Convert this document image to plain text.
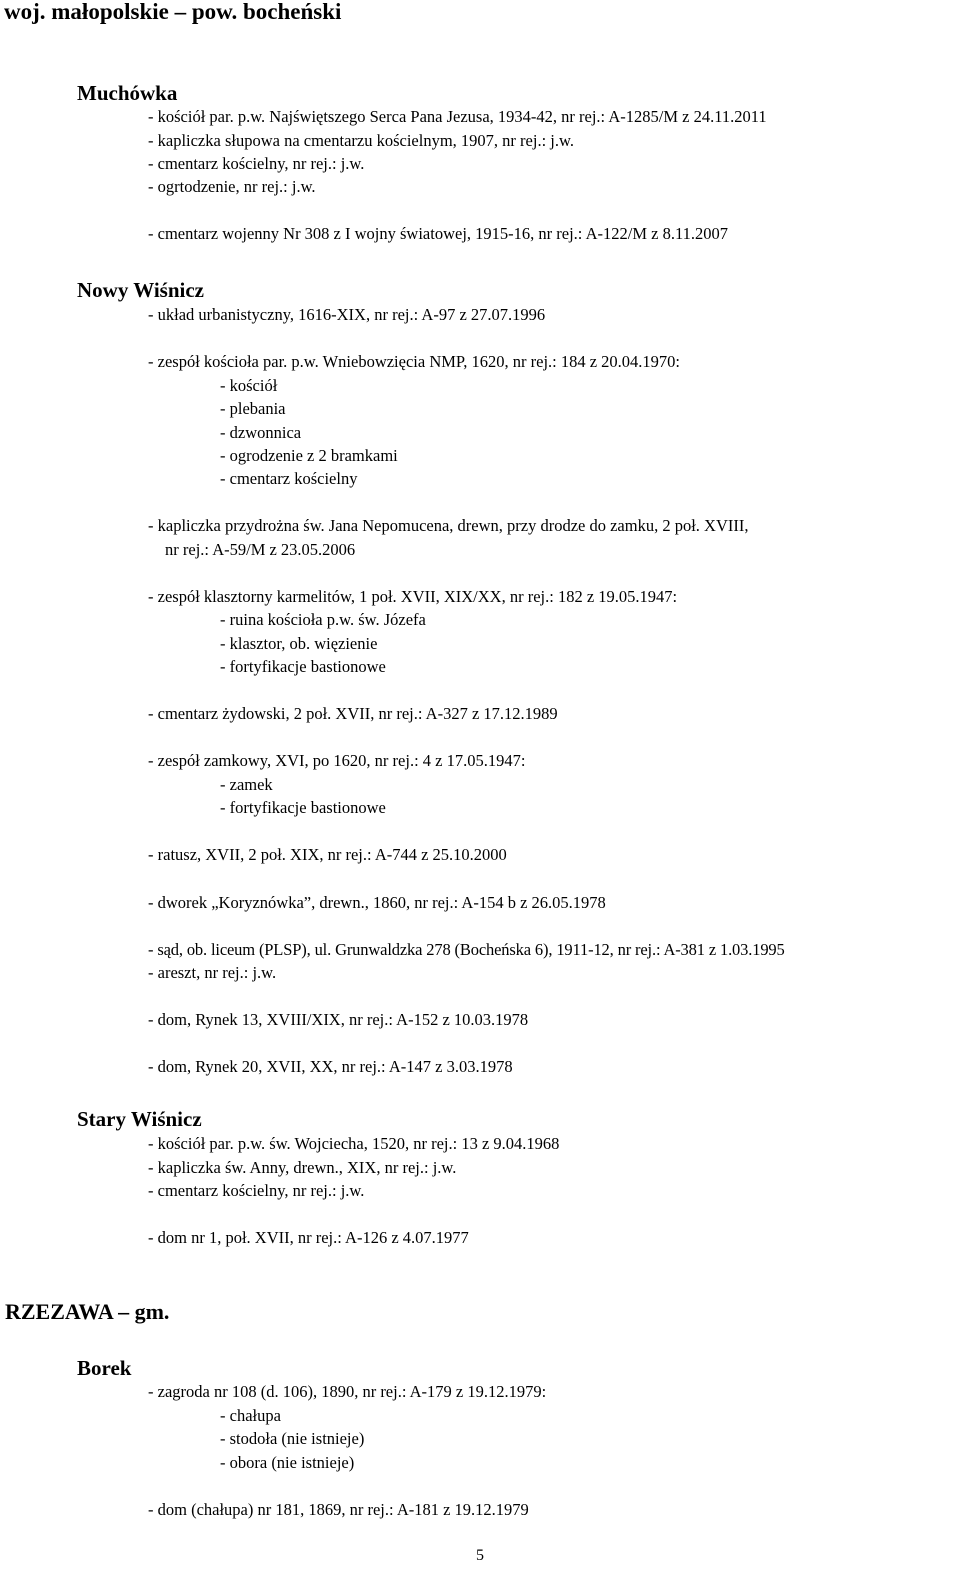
woj. małopolskie – pow. bocheński
Muchówka
- kościół par. p.w. Najświętszego Serca Pana Jezusa, 1934-42, nr rej.: A-1285/M z 24.11.2011
- kapliczka słupowa na cmentarzu kościelnym, 1907, nr rej.: j.w.
- cmentarz kościelny, nr rej.: j.w.
- ogrtodzenie, nr rej.: j.w.
- cmentarz wojenny Nr 308 z I wojny światowej, 1915-16, nr rej.: A-122/M z 8.11.2007
Nowy Wiśnicz
- układ urbanistyczny, 1616-XIX, nr rej.: A-97 z 27.07.1996
- zespół kościoła par. p.w. Wniebowzięcia NMP, 1620, nr rej.: 184 z 20.04.1970:
- kościół
- plebania
- dzwonnica
- ogrodzenie z 2 bramkami
- cmentarz kościelny
- kapliczka przydrożna św. Jana Nepomucena, drewn, przy drodze do zamku, 2 poł. XVIII,
nr rej.: A-59/M z 23.05.2006
- zespół klasztorny karmelitów, 1 poł. XVII, XIX/XX, nr rej.: 182 z 19.05.1947:
- ruina kościoła p.w. św. Józefa
- klasztor, ob. więzienie
- fortyfikacje bastionowe
- cmentarz żydowski, 2 poł. XVII, nr rej.: A-327 z 17.12.1989
- zespół zamkowy, XVI, po 1620, nr rej.: 4 z 17.05.1947:
- zamek
- fortyfikacje bastionowe
- ratusz, XVII, 2 poł. XIX, nr rej.: A-744 z 25.10.2000
- dworek „Koryznówka”, drewn., 1860, nr rej.: A-154 b z 26.05.1978
- sąd, ob. liceum (PLSP), ul. Grunwaldzka 278 (Bocheńska 6), 1911-12, nr rej.: A-381 z 1.03.1995
- areszt, nr rej.: j.w.
- dom, Rynek 13, XVIII/XIX, nr rej.: A-152 z 10.03.1978
- dom, Rynek 20, XVII, XX, nr rej.: A-147 z 3.03.1978
Stary Wiśnicz
- kościół par. p.w. św. Wojciecha, 1520, nr rej.: 13 z 9.04.1968
- kapliczka św. Anny, drewn., XIX, nr rej.: j.w.
- cmentarz kościelny, nr rej.: j.w.
- dom nr 1, poł. XVII, nr rej.: A-126 z 4.07.1977
RZEZAWA – gm.
Borek
- zagroda nr 108 (d. 106), 1890, nr rej.: A-179 z 19.12.1979:
- chałupa
- stodoła (nie istnieje)
- obora (nie istnieje)
- dom (chałupa) nr 181, 1869, nr rej.: A-181 z 19.12.1979
5
